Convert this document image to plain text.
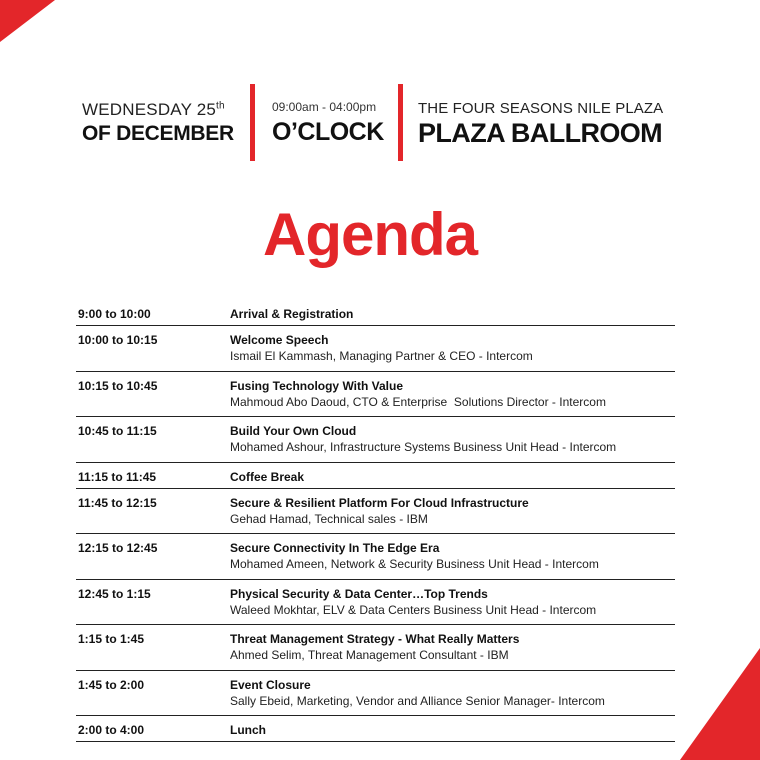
WEDNESDAY 25th
OF DECEMBER
09:00am - 04:00pm
O’CLOCK
THE FOUR SEASONS NILE PLAZA
PLAZA BALLROOM
Agenda
9:00 to 10:00	Arrival & Registration
10:00 to 10:15	Welcome Speech
Ismail El Kammash, Managing Partner & CEO - Intercom
10:15 to 10:45	Fusing Technology With Value
Mahmoud Abo Daoud, CTO & Enterprise  Solutions Director - Intercom
10:45 to 11:15	Build Your Own Cloud
Mohamed Ashour, Infrastructure Systems Business Unit Head - Intercom
11:15 to 11:45	Coffee Break
11:45 to 12:15	Secure & Resilient Platform For Cloud Infrastructure
Gehad Hamad, Technical sales - IBM
12:15 to 12:45	Secure Connectivity In The Edge Era
Mohamed Ameen, Network & Security Business Unit Head - Intercom
12:45 to 1:15	Physical Security & Data Center…Top Trends
Waleed Mokhtar, ELV & Data Centers Business Unit Head - Intercom
1:15 to 1:45	Threat Management Strategy - What Really Matters
Ahmed Selim, Threat Management Consultant - IBM
1:45 to 2:00	Event Closure
Sally Ebeid, Marketing, Vendor and Alliance Senior Manager- Intercom
2:00 to 4:00	Lunch
